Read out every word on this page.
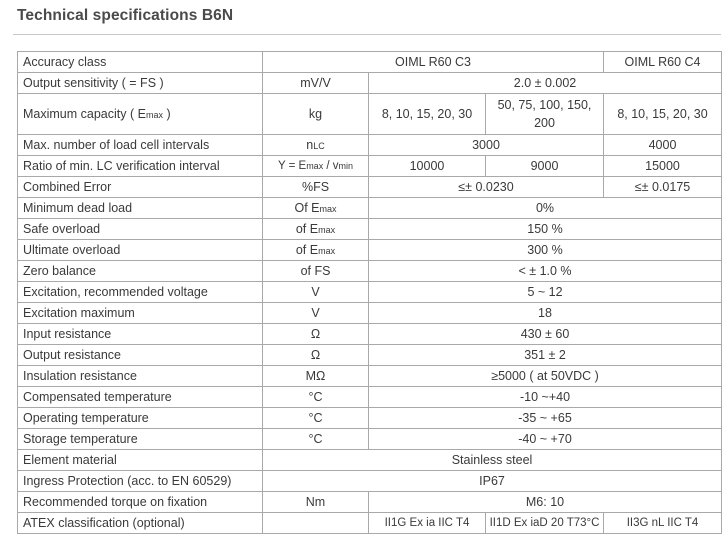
Technical specifications B6N
Accuracy class	OIML R60 C3			OIML R60 C4
Output sensitivity ( = FS )	mV/V	2.0 ± 0.002		
Maximum capacity ( Emax )	kg	8, 10, 15, 20, 30	50, 75, 100, 150, 200	8, 10, 15, 20, 30
Max. number of load cell intervals	nLC	3000		4000
Ratio of min. LC verification interval	Y = Emax / vmin	10000	9000	15000
Combined Error	%FS	≤± 0.0230		≤± 0.0175
Minimum dead load	Of Emax	0%		
Safe overload	of Emax	150 %		
Ultimate overload	of Emax	300 %		
Zero balance	of FS	< ± 1.0 %		
Excitation, recommended voltage	V	5 ~ 12		
Excitation maximum	V	18		
Input resistance	Ω	430 ± 60		
Output resistance	Ω	351 ± 2		
Insulation resistance	MΩ	≥5000 ( at 50VDC )		
Compensated temperature	°C	-10 ~+40		
Operating temperature	°C	-35 ~ +65		
Storage temperature	°C	-40 ~ +70		
Element material	Stainless steel			
Ingress Protection (acc. to EN 60529)	IP67			
Recommended torque on fixation	Nm	M6: 10		
ATEX classification (optional)		II1G Ex ia IIC T4	II1D Ex iaD 20 T73°C	II3G nL IIC T4
